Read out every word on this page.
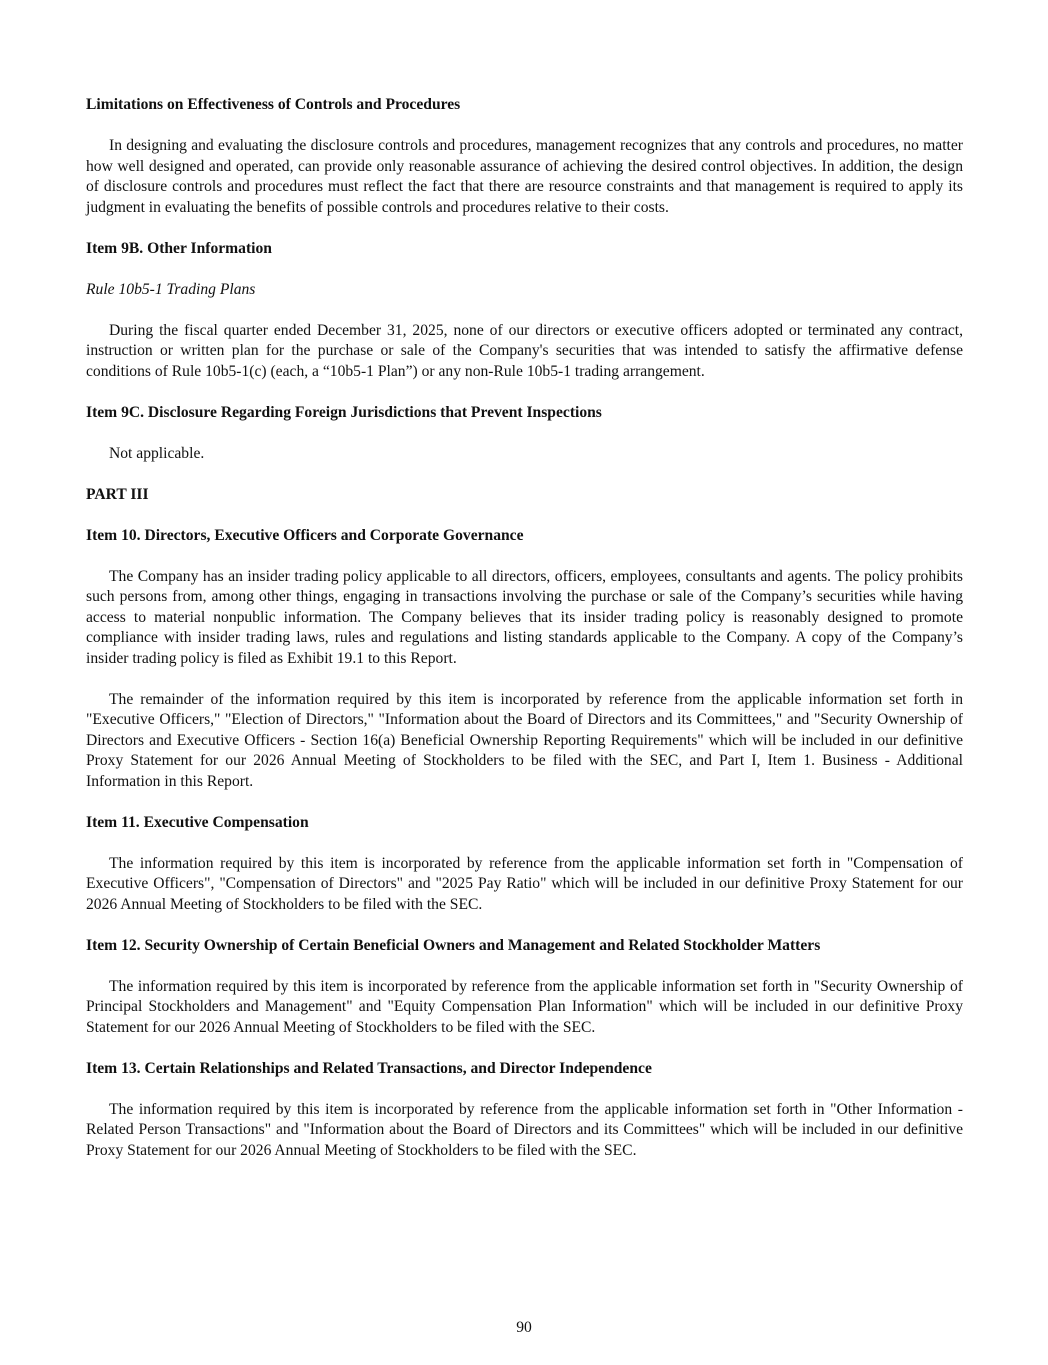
Limitations on Effectiveness of Controls and Procedures

In designing and evaluating the disclosure controls and procedures, management recognizes that any controls and procedures, no matter how well designed and operated, can provide only reasonable assurance of achieving the desired control objectives. In addition, the design of disclosure controls and procedures must reflect the fact that there are resource constraints and that management is required to apply its judgment in evaluating the benefits of possible controls and procedures relative to their costs.

Item 9B. Other Information
Rule 10b5-1 Trading Plans

During the fiscal quarter ended December 31, 2025, none of our directors or executive officers adopted or terminated any contract, instruction or written plan for the purchase or sale of the Company's securities that was intended to satisfy the affirmative defense conditions of Rule 10b5-1(c) (each, a “10b5-1 Plan”) or any non-Rule 10b5-1 trading arrangement.

Item 9C. Disclosure Regarding Foreign Jurisdictions that Prevent Inspections

Not applicable.

PART III
Item 10. Directors, Executive Officers and Corporate Governance

The Company has an insider trading policy applicable to all directors, officers, employees, consultants and agents. The policy prohibits such persons from, among other things, engaging in transactions involving the purchase or sale of the Company’s securities while having access to material nonpublic information. The Company believes that its insider trading policy is reasonably designed to promote compliance with insider trading laws, rules and regulations and listing standards applicable to the Company. A copy of the Company’s insider trading policy is filed as Exhibit 19.1 to this Report.

The remainder of the information required by this item is incorporated by reference from the applicable information set forth in "Executive Officers," "Election of Directors," "Information about the Board of Directors and its Committees," and "Security Ownership of Directors and Executive Officers - Section 16(a) Beneficial Ownership Reporting Requirements" which will be included in our definitive Proxy Statement for our 2026 Annual Meeting of Stockholders to be filed with the SEC, and Part I, Item 1. Business - Additional Information in this Report.

Item 11. Executive Compensation

The information required by this item is incorporated by reference from the applicable information set forth in "Compensation of Executive Officers", "Compensation of Directors" and "2025 Pay Ratio" which will be included in our definitive Proxy Statement for our 2026 Annual Meeting of Stockholders to be filed with the SEC.

Item 12. Security Ownership of Certain Beneficial Owners and Management and Related Stockholder Matters

The information required by this item is incorporated by reference from the applicable information set forth in "Security Ownership of Principal Stockholders and Management" and "Equity Compensation Plan Information" which will be included in our definitive Proxy Statement for our 2026 Annual Meeting of Stockholders to be filed with the SEC.

Item 13. Certain Relationships and Related Transactions, and Director Independence

The information required by this item is incorporated by reference from the applicable information set forth in "Other Information - Related Person Transactions" and "Information about the Board of Directors and its Committees" which will be included in our definitive Proxy Statement for our 2026 Annual Meeting of Stockholders to be filed with the SEC.

90
